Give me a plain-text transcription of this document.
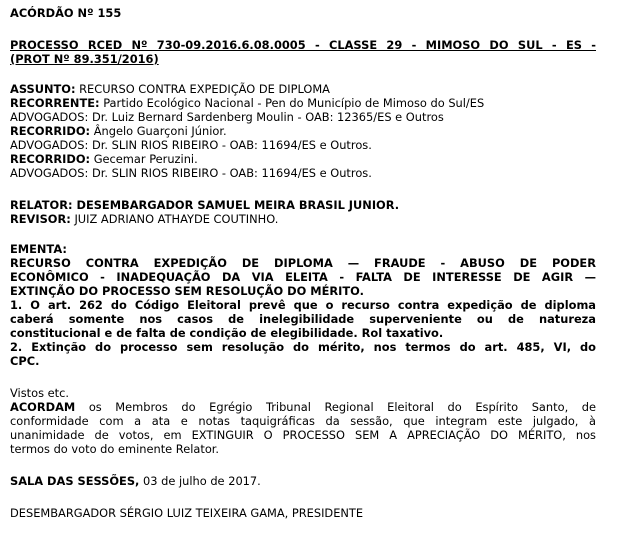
ACÓRDÃO Nº 155
PROCESSO RCED Nº 730-09.2016.6.08.0005 - CLASSE 29 - MIMOSO DO SUL - ES -
(PROT Nº 89.351/2016)
ASSUNTO: RECURSO CONTRA EXPEDIÇÃO DE DIPLOMA
RECORRENTE: Partido Ecológico Nacional - Pen do Município de Mimoso do Sul/ES
ADVOGADOS: Dr. Luiz Bernard Sardenberg Moulin - OAB: 12365/ES e Outros
RECORRIDO: Ângelo Guarçoni Júnior.
ADVOGADOS: Dr. SLIN RIOS RIBEIRO - OAB: 11694/ES e Outros.
RECORRIDO: Gecemar Peruzini.
ADVOGADOS: Dr. SLIN RIOS RIBEIRO - OAB: 11694/ES e Outros.
RELATOR: DESEMBARGADOR SAMUEL MEIRA BRASIL JUNIOR.
REVISOR: JUIZ ADRIANO ATHAYDE COUTINHO.
EMENTA:
RECURSO CONTRA EXPEDIÇÃO DE DIPLOMA — FRAUDE - ABUSO DE PODER
ECONÔMICO - INADEQUAÇÃO DA VIA ELEITA - FALTA DE INTERESSE DE AGIR —
EXTINÇÃO DO PROCESSO SEM RESOLUÇÃO DO MÉRITO.
1. O art. 262 do Código Eleitoral prevê que o recurso contra expedição de diploma
caberá somente nos casos de inelegibilidade superveniente ou de natureza
constitucional e de falta de condição de elegibilidade. Rol taxativo.
2. Extinção do processo sem resolução do mérito, nos termos do art. 485, VI, do
CPC.
Vistos etc.
ACORDAM os Membros do Egrégio Tribunal Regional Eleitoral do Espírito Santo, de
conformidade com a ata e notas taquigráficas da sessão, que integram este julgado, à
unanimidade de votos, em EXTINGUIR O PROCESSO SEM A APRECIAÇÃO DO MÉRITO, nos
termos do voto do eminente Relator.
SALA DAS SESSÕES, 03 de julho de 2017.
DESEMBARGADOR SÉRGIO LUIZ TEIXEIRA GAMA, PRESIDENTE
